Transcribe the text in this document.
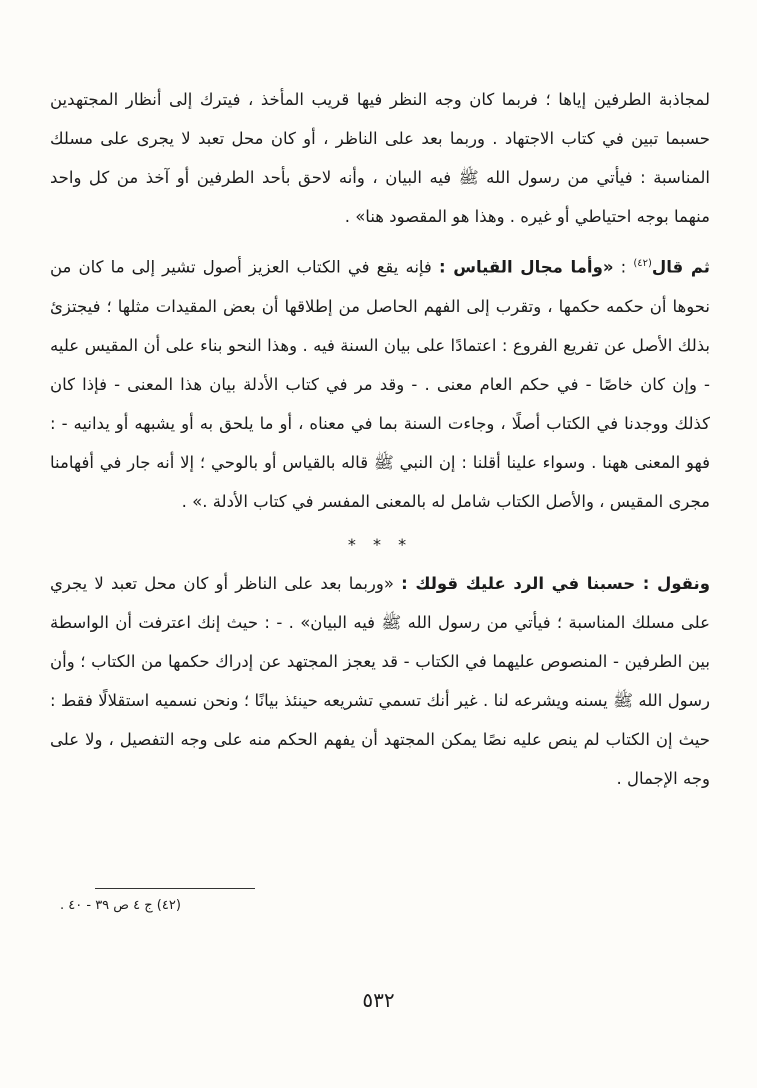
لمجاذبة الطرفين إياها ؛ فربما كان وجه النظر فيها قريب المأخذ ، فيترك إلى أنظار المجتهدين حسبما تبين في كتاب الاجتهاد . وربما بعد على الناظر ، أو كان محل تعبد لا يجرى على مسلك المناسبة : فيأتي من رسول الله ﷺ فيه البيان ، وأنه لاحق بأحد الطرفين أو آخذ من كل واحد منهما بوجه احتياطي أو غيره . وهذا هو المقصود هنا» .

ثم قال$^{(٤٢)}$ : «وأما مجال القياس : فإنه يقع في الكتاب العزيز أصول تشير إلى ما كان من نحوها أن حكمه حكمها ، وتقرب إلى الفهم الحاصل من إطلاقها أن بعض المقيدات مثلها ؛ فيجتزئ بذلك الأصل عن تفريع الفروع : اعتمادًا على بيان السنة فيه . وهذا النحو بناء على أن المقيس عليه - وإن كان خاصًا - في حكم العام معنى . - وقد مر في كتاب الأدلة بيان هذا المعنى - فإذا كان كذلك ووجدنا في الكتاب أصلًا ، وجاءت السنة بما في معناه ، أو ما يلحق به أو يشبهه أو يدانيه - : فهو المعنى ههنا . وسواء علينا أقلنا : إن النبي ﷺ قاله بالقياس أو بالوحي ؛ إلا أنه جار في أفهامنا مجرى المقيس ، والأصل الكتاب شامل له بالمعنى المفسر في كتاب الأدلة .» .

* * *

ونقول : حسبنا في الرد عليك قولك : «وربما بعد على الناظر أو كان محل تعبد لا يجري على مسلك المناسبة ؛ فيأتي من رسول الله ﷺ فيه البيان» . - : حيث إنك اعترفت أن الواسطة بين الطرفين - المنصوص عليهما في الكتاب - قد يعجز المجتهد عن إدراك حكمها من الكتاب ؛ وأن رسول الله ﷺ يسنه ويشرعه لنا . غير أنك تسمي تشريعه حينئذ بيانًا ؛ ونحن نسميه استقلالًا فقط : حيث إن الكتاب لم ينص عليه نصًا يمكن المجتهد أن يفهم الحكم منه على وجه التفصيل ، ولا على وجه الإجمال .

(٤٢) ج ٤ ص ٣٩ - ٤٠ .
٥٣٢
